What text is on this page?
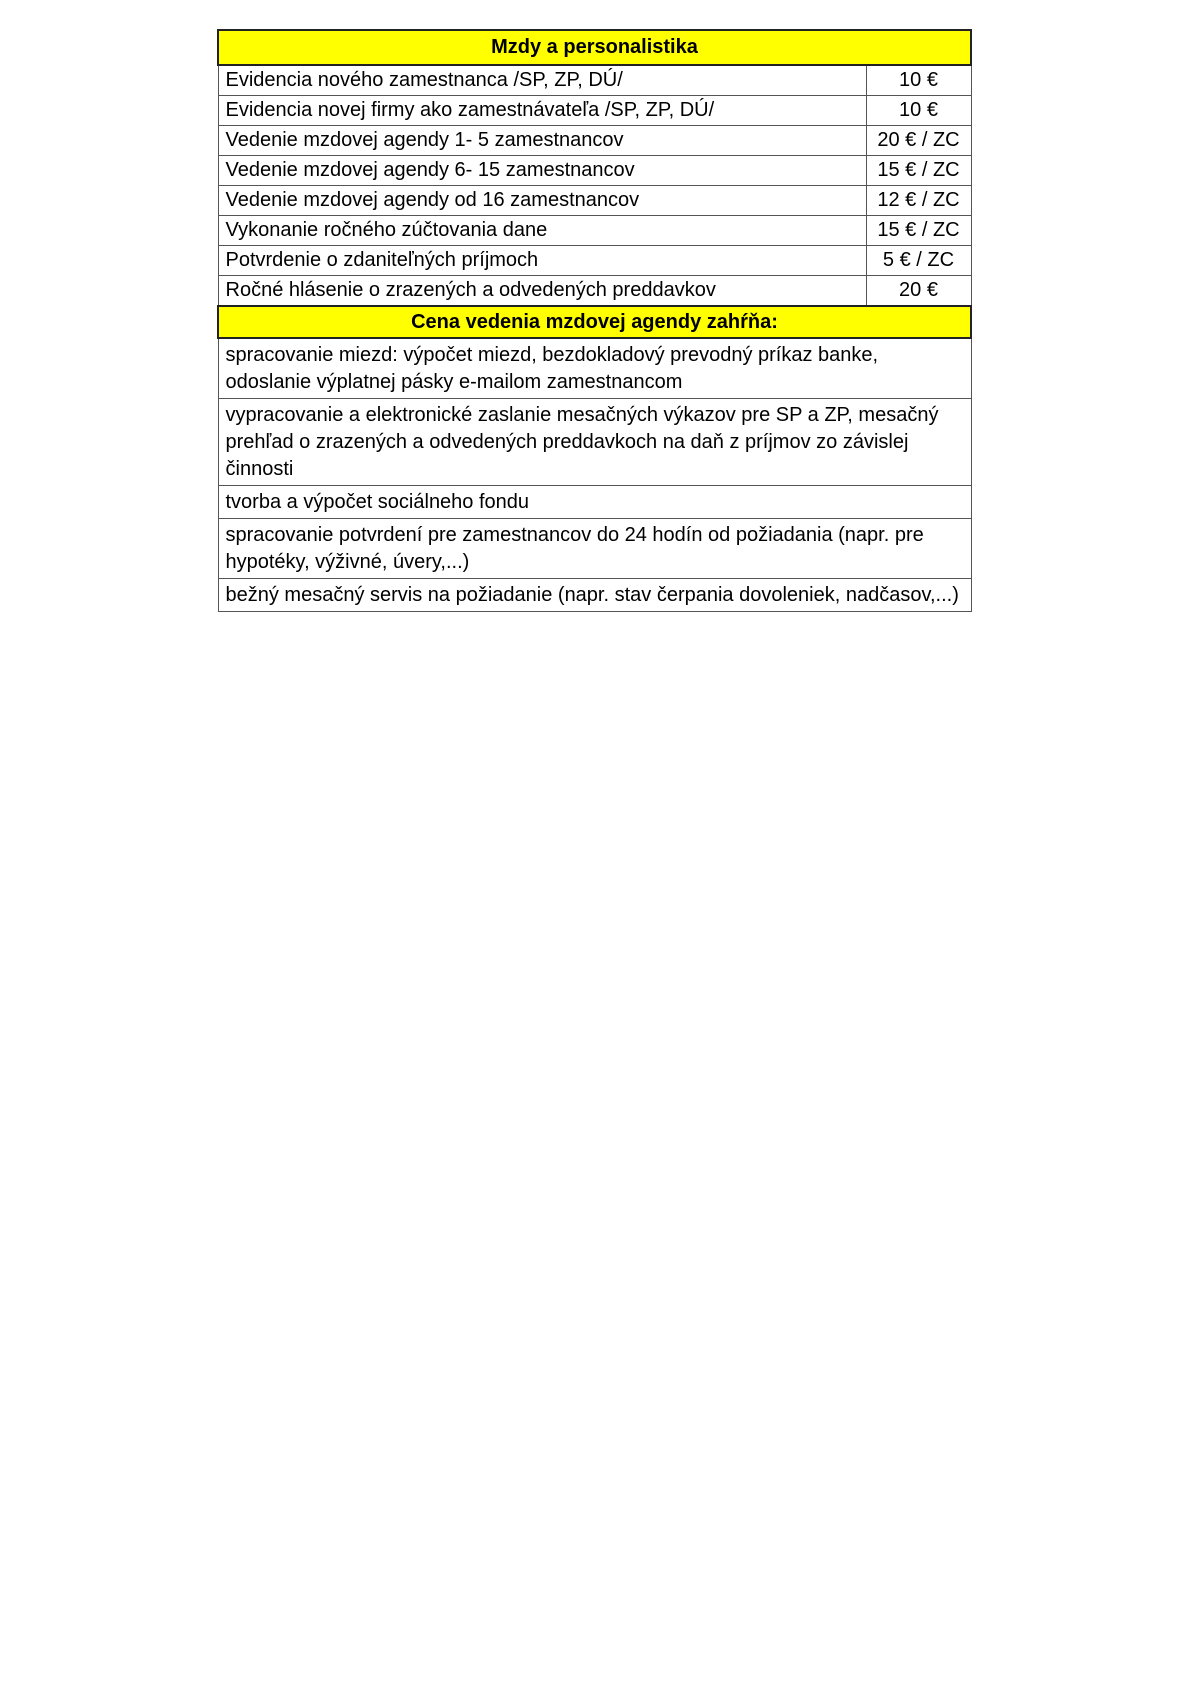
Mzdy a personalistika	
Evidencia nového zamestnanca /SP, ZP, DÚ/	10 €
Evidencia novej firmy ako zamestnávateľa /SP, ZP, DÚ/	10 €
Vedenie mzdovej agendy 1- 5 zamestnancov	20 € / ZC
Vedenie mzdovej agendy 6- 15 zamestnancov	15 € / ZC
Vedenie mzdovej agendy od 16 zamestnancov	12 € / ZC
Vykonanie ročného zúčtovania dane	15 € / ZC
Potvrdenie o zdaniteľných príjmoch	5 € / ZC
Ročné hlásenie o zrazených a odvedených preddavkov	20 €
Cena vedenia mzdovej agendy zahŕňa:	
spracovanie miezd: výpočet miezd, bezdokladový prevodný príkaz banke, odoslanie výplatnej pásky e-mailom zamestnancom	
vypracovanie a elektronické zaslanie mesačných výkazov pre SP a ZP, mesačný prehľad o zrazených a odvedených preddavkoch na daň z príjmov zo závislej činnosti	
tvorba a výpočet sociálneho fondu	
spracovanie potvrdení pre zamestnancov do 24 hodín od požiadania (napr. pre hypotéky, výživné, úvery,...)	
bežný mesačný servis na požiadanie (napr. stav čerpania dovoleniek, nadčasov,...)	
